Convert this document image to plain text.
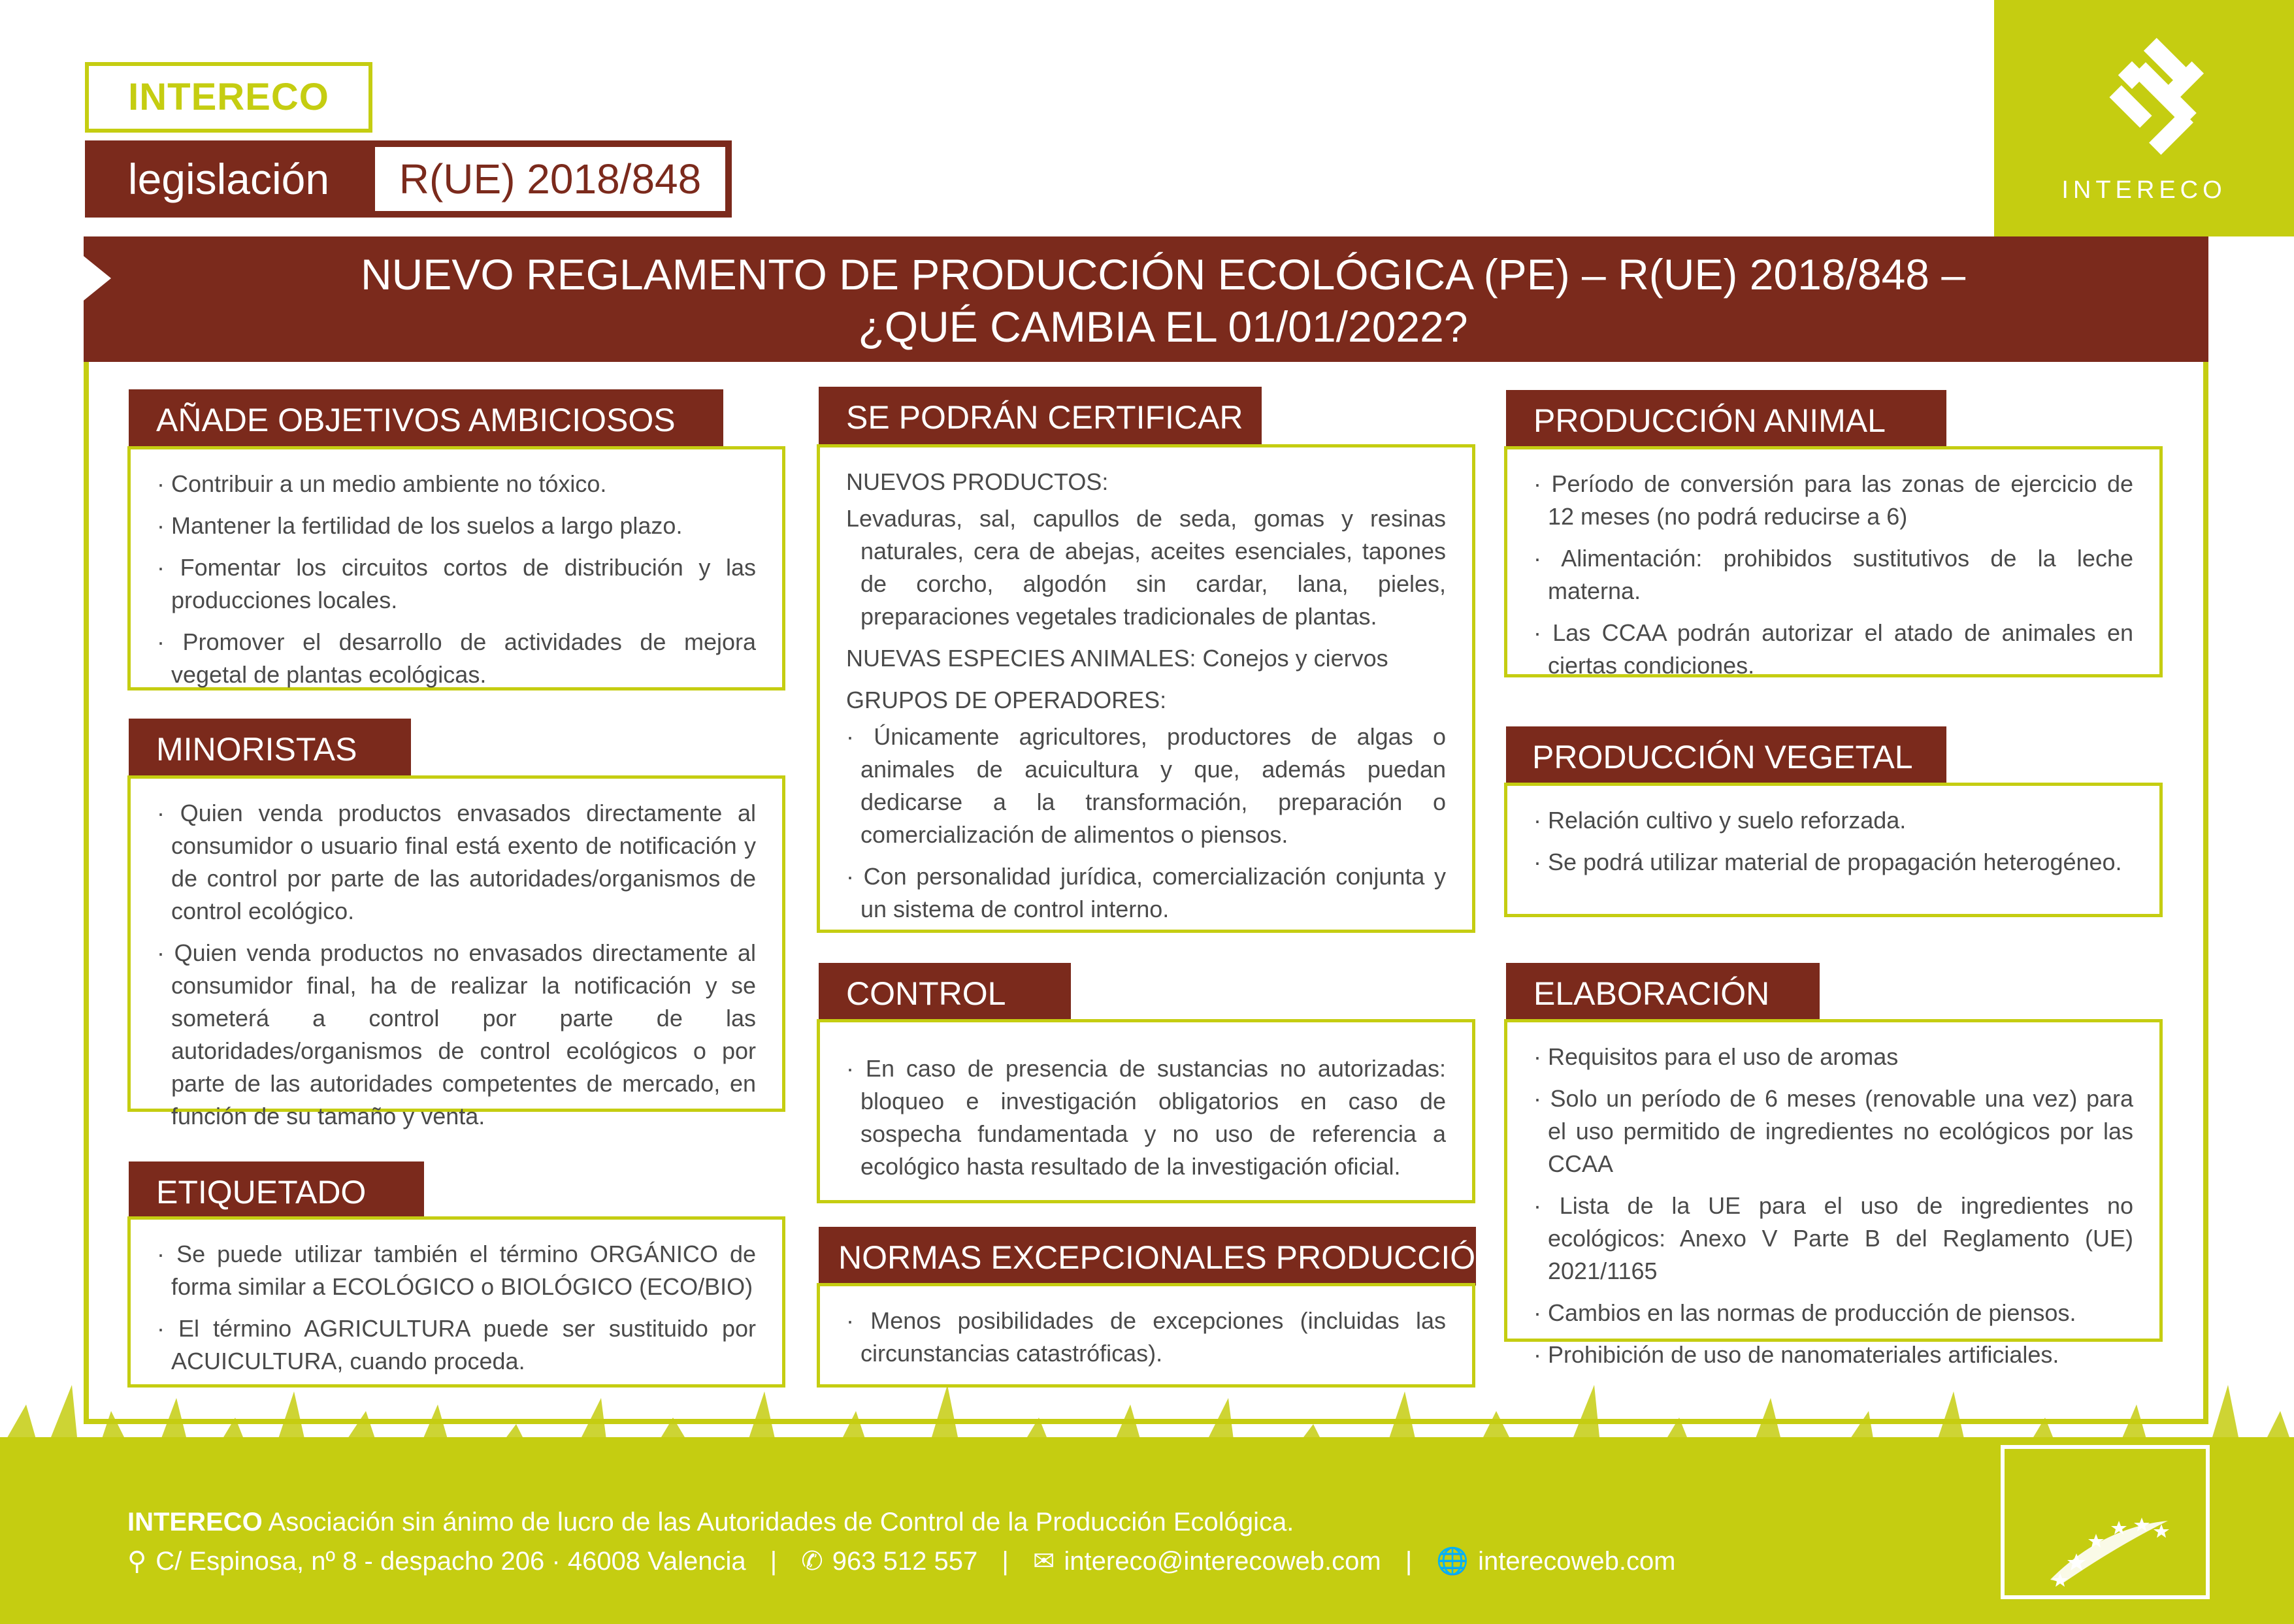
INTERECO
legislación	R(UE) 2018/848	INTERECO
NUEVO REGLAMENTO DE PRODUCCIÓN ECOLÓGICA (PE) – R(UE) 2018/848 –
¿QUÉ CAMBIA EL 01/01/2022?
AÑADE OBJETIVOS AMBICIOSOS

· Contribuir a un medio ambiente no tóxico.

· Mantener la fertilidad de los suelos a largo plazo.

· Fomentar los circuitos cortos de distribución y las producciones locales.

· Promover el desarrollo de actividades de mejora vegetal de plantas ecológicas.

MINORISTAS

· Quien venda productos envasados directamente al consumidor o usuario final está exento de notificación y de control por parte de las autoridades/organismos de control ecológico.

· Quien venda productos no envasados directamente al consumidor final, ha de realizar la notificación y se someterá a control por parte de las autoridades/organismos de control ecológicos o por parte de las autoridades competentes de mercado, en función de su tamaño y venta.

ETIQUETADO

· Se puede utilizar también el término ORGÁNICO de forma similar a ECOLÓGICO o BIOLÓGICO (ECO/BIO)

· El término AGRICULTURA puede ser sustituido por ACUICULTURA, cuando proceda.

SE PODRÁN CERTIFICAR

NUEVOS PRODUCTOS:

Levaduras, sal, capullos de seda, gomas y resinas naturales, cera de abejas, aceites esenciales, tapones de corcho, algodón sin cardar, lana, pieles, preparaciones vegetales tradicionales de plantas.

NUEVAS ESPECIES ANIMALES: Conejos y ciervos

GRUPOS DE OPERADORES:

· Únicamente agricultores, productores de algas o animales de acuicultura y que, además puedan dedicarse a la transformación, preparación o comercialización de alimentos o piensos.

· Con personalidad jurídica, comercialización conjunta y un sistema de control interno.

CONTROL

· En caso de presencia de sustancias no autorizadas: bloqueo e investigación obligatorios en caso de sospecha fundamentada y no uso de referencia a ecológico hasta resultado de la investigación oficial.

NORMAS EXCEPCIONALES PRODUCCIÓN

· Menos posibilidades de excepciones (incluidas las circunstancias catastróficas).

PRODUCCIÓN ANIMAL

· Período de conversión para las zonas de ejercicio de 12 meses (no podrá reducirse a 6)

· Alimentación: prohibidos sustitutivos de la leche materna.

· Las CCAA podrán autorizar el atado de animales en ciertas condiciones.

PRODUCCIÓN VEGETAL

· Relación cultivo y suelo reforzada.

· Se podrá utilizar material de propagación heterogéneo.

ELABORACIÓN

· Requisitos para el uso de aromas

· Solo un período de 6 meses (renovable una vez) para el uso permitido de ingredientes no ecológicos por las CCAA

· Lista de la UE para el uso de ingredientes no ecológicos: Anexo V Parte B del Reglamento (UE) 2021/1165

· Cambios en las normas de producción de piensos.

· Prohibición de uso de nanomateriales artificiales.

INTERECO Asociación sin ánimo de lucro de las Autoridades de Control de la Producción Ecológica.
⚲ C/ Espinosa, nº 8 - despacho 206 · 46008 Valencia | ✆ 963 512 557 | ✉ intereco@interecoweb.com | 🌐 interecoweb.com
